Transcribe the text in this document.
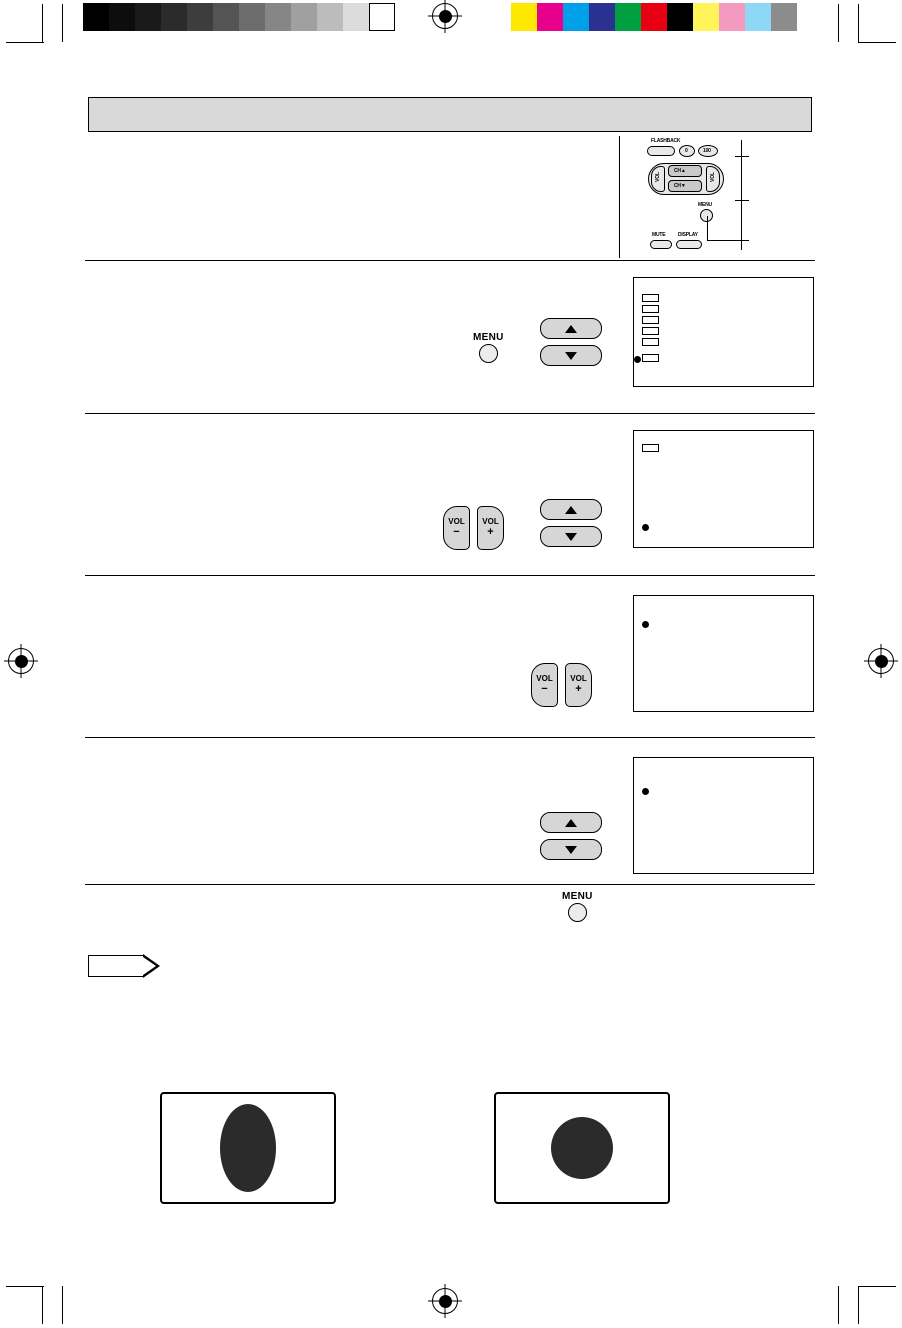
FLASHBACK
0	100
VOL	VOL
CH▲
CH▼
MENU
MUTE	DISPLAY
MENU
VOL
−
VOL
+
VOL
−
VOL
+
MENU
